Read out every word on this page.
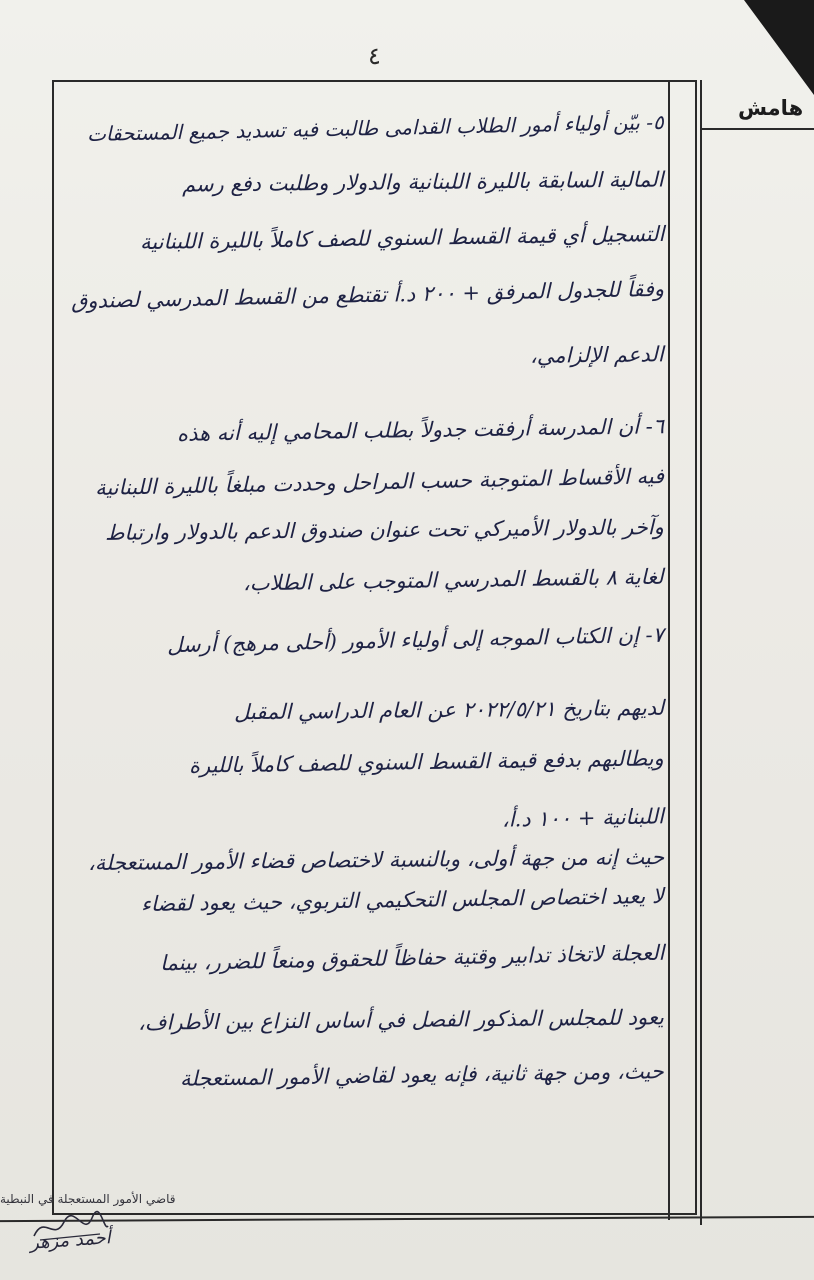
٤
هامش
٥- بيّن أولياء أمور الطلاب القدامى طالبت فيه تسديد جميع المستحقات
المالية السابقة بالليرة اللبنانية والدولار وطلبت دفع رسم
التسجيل أي قيمة القسط السنوي للصف كاملاً بالليرة اللبنانية
وفقاً للجدول المرفق + ٢٠٠ د.أ تقتطع من القسط المدرسي لصندوق
الدعم الإلزامي،
٦- أن المدرسة أرفقت جدولاً بطلب المحامي إليه أنه هذه
فيه الأقساط المتوجبة حسب المراحل وحددت مبلغاً بالليرة اللبنانية
وآخر بالدولار الأميركي تحت عنوان صندوق الدعم بالدولار وارتباط
لغاية ٨ بالقسط المدرسي المتوجب على الطلاب،
٧- إن الكتاب الموجه إلى أولياء الأمور (أحلى مرهج) أرسل
لديهم بتاريخ ٢٠٢٢/٥/٢١ عن العام الدراسي المقبل
ويطالبهم بدفع قيمة القسط السنوي للصف كاملاً بالليرة
اللبنانية + ١٠٠ د.أ،
حيث إنه من جهة أولى، وبالنسبة لاختصاص قضاء الأمور المستعجلة،
لا يعيد اختصاص المجلس التحكيمي التربوي، حيث يعود لقضاء
العجلة لاتخاذ تدابير وقتية حفاظاً للحقوق ومنعاً للضرر، بينما
يعود للمجلس المذكور الفصل في أساس النزاع بين الأطراف،
حيث، ومن جهة ثانية، فإنه يعود لقاضي الأمور المستعجلة
قاضي الأمور المستعجلة في النبطية
أحمد مزهر
